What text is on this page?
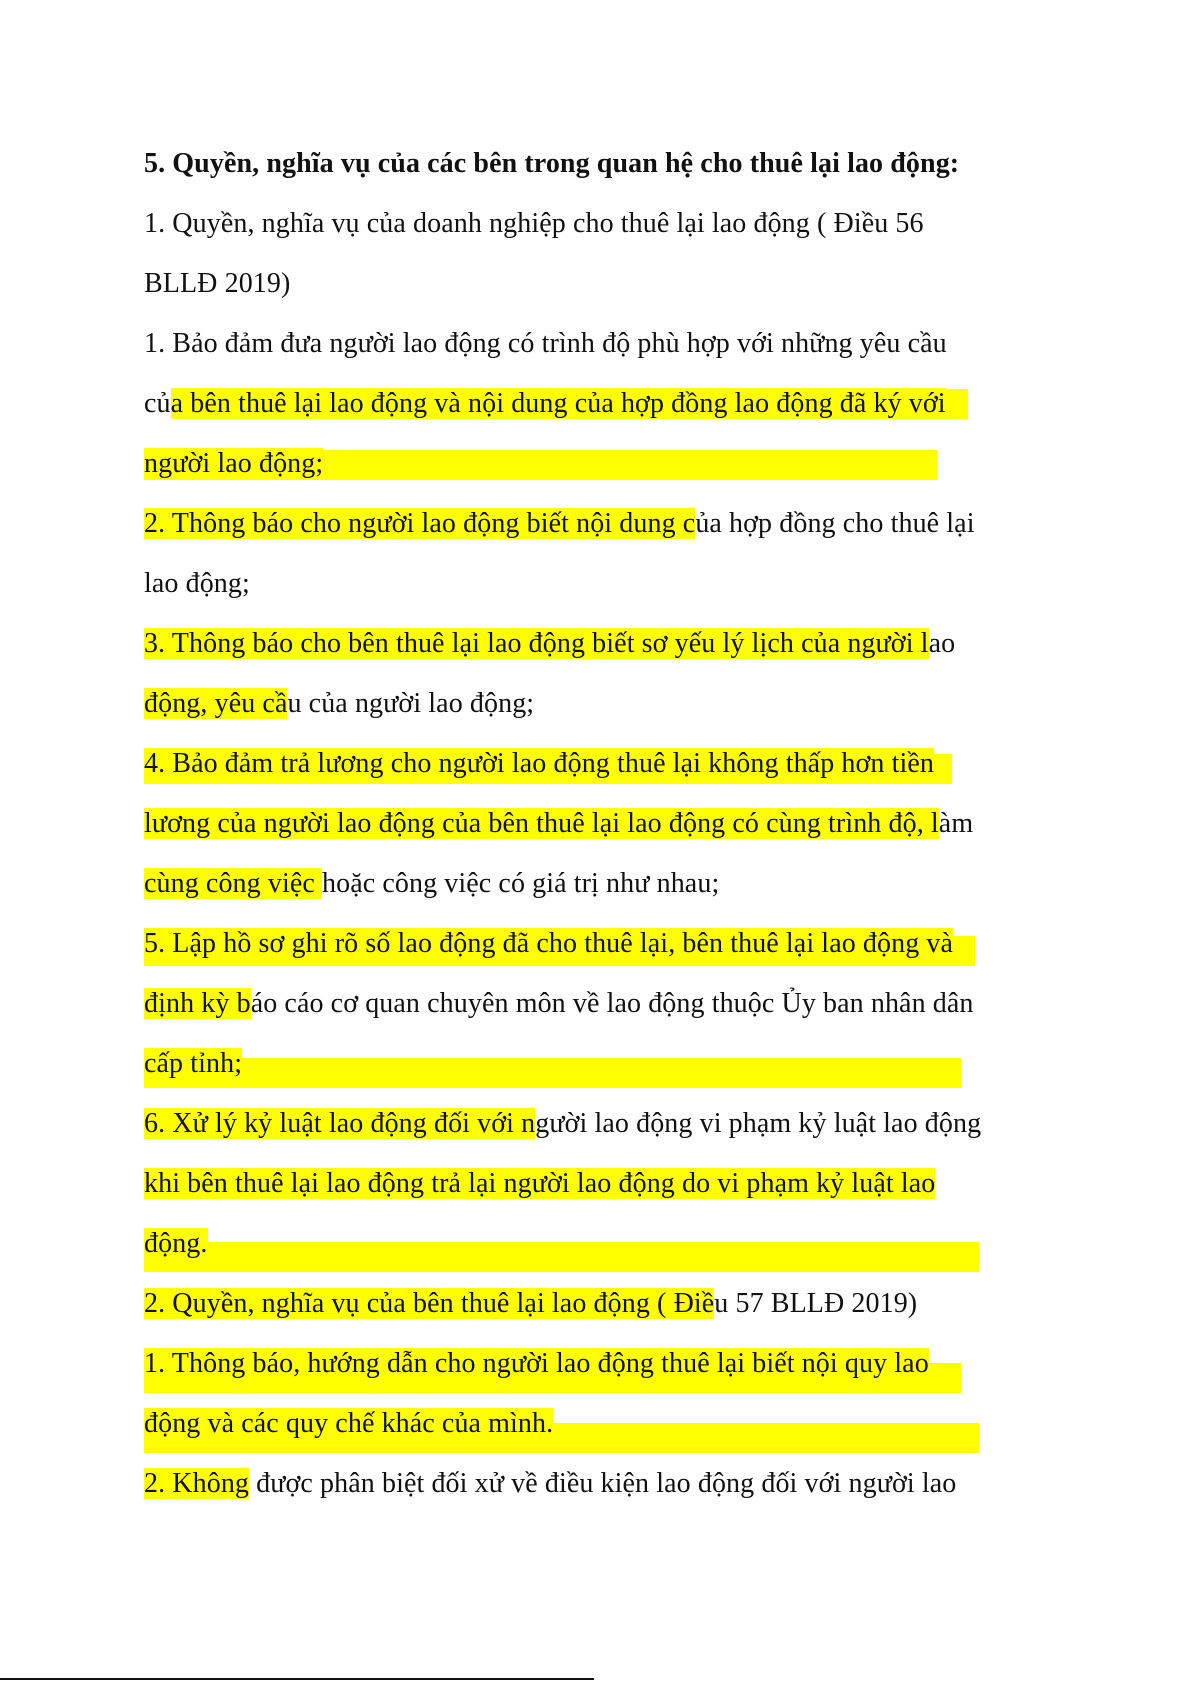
5. Quyền, nghĩa vụ của các bên trong quan hệ cho thuê lại lao động:
1. Quyền, nghĩa vụ của doanh nghiệp cho thuê lại lao động ( Điều 56
BLLĐ 2019)
1. Bảo đảm đưa người lao động có trình độ phù hợp với những yêu cầu
của bên thuê lại lao động và nội dung của hợp đồng lao động đã ký với
người lao động;
2. Thông báo cho người lao động biết nội dung của hợp đồng cho thuê lại
lao động;
3. Thông báo cho bên thuê lại lao động biết sơ yếu lý lịch của người lao
động, yêu cầu của người lao động;
4. Bảo đảm trả lương cho người lao động thuê lại không thấp hơn tiền
lương của người lao động của bên thuê lại lao động có cùng trình độ, làm
cùng công việc hoặc công việc có giá trị như nhau;
5. Lập hồ sơ ghi rõ số lao động đã cho thuê lại, bên thuê lại lao động và
định kỳ báo cáo cơ quan chuyên môn về lao động thuộc Ủy ban nhân dân
cấp tỉnh;
6. Xử lý kỷ luật lao động đối với người lao động vi phạm kỷ luật lao động
khi bên thuê lại lao động trả lại người lao động do vi phạm kỷ luật lao
động.
2. Quyền, nghĩa vụ của bên thuê lại lao động ( Điều 57 BLLĐ 2019)
1. Thông báo, hướng dẫn cho người lao động thuê lại biết nội quy lao
động và các quy chế khác của mình.
2. Không được phân biệt đối xử về điều kiện lao động đối với người lao
